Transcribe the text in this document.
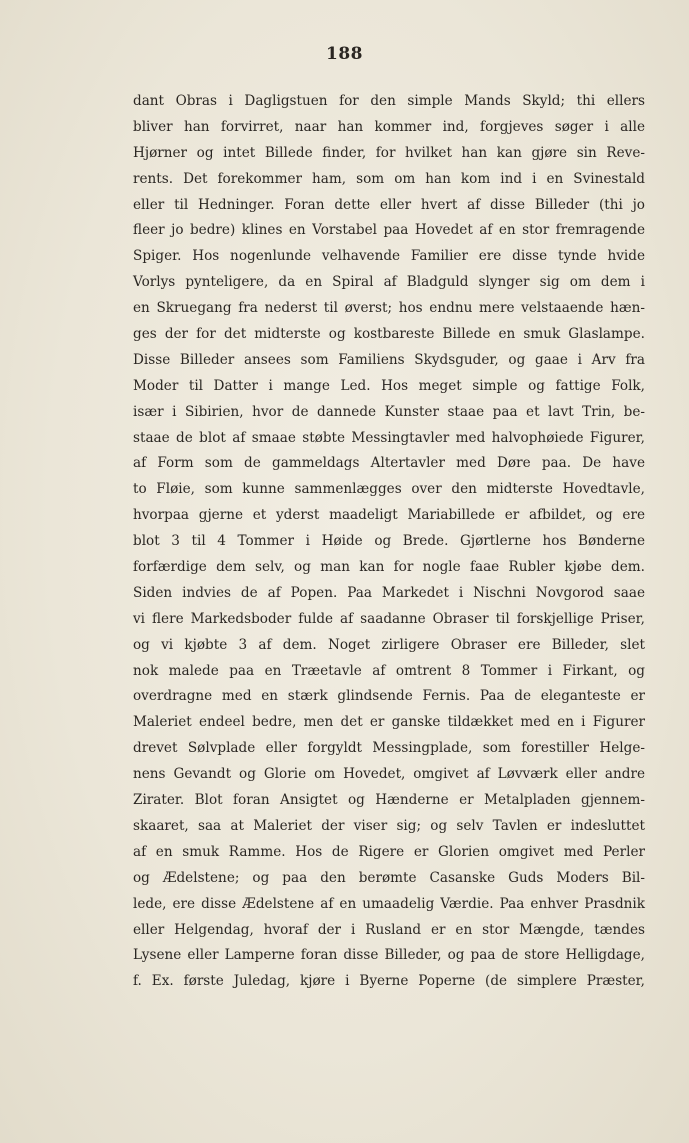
188
dant Obras i Dagligstuen for den simple Mands Skyld; thi ellers
bliver han forvirret, naar han kommer ind, forgjeves søger i alle
Hjørner og intet Billede finder, for hvilket han kan gjøre sin Reve-
rents. Det forekommer ham, som om han kom ind i en Svinestald
eller til Hedninger. Foran dette eller hvert af disse Billeder (thi jo
fleer jo bedre) klines en Vorstabel paa Hovedet af en stor fremragende
Spiger. Hos nogenlunde velhavende Familier ere disse tynde hvide
Vorlys pynteligere, da en Spiral af Bladguld slynger sig om dem i
en Skruegang fra nederst til øverst; hos endnu mere velstaaende hæn-
ges der for det midterste og kostbareste Billede en smuk Glaslampe.
Disse Billeder ansees som Familiens Skydsguder, og gaae i Arv fra
Moder til Datter i mange Led. Hos meget simple og fattige Folk,
især i Sibirien, hvor de dannede Kunster staae paa et lavt Trin, be-
staae de blot af smaae støbte Messingtavler med halvophøiede Figurer,
af Form som de gammeldags Altertavler med Døre paa. De have
to Fløie, som kunne sammenlægges over den midterste Hovedtavle,
hvorpaa gjerne et yderst maadeligt Mariabillede er afbildet, og ere
blot 3 til 4 Tommer i Høide og Brede. Gjørtlerne hos Bønderne
forfærdige dem selv, og man kan for nogle faae Rubler kjøbe dem.
Siden indvies de af Popen. Paa Markedet i Nischni Novgorod saae
vi flere Markedsboder fulde af saadanne Obraser til forskjellige Priser,
og vi kjøbte 3 af dem. Noget zirligere Obraser ere Billeder, slet
nok malede paa en Træetavle af omtrent 8 Tommer i Firkant, og
overdragne med en stærk glindsende Fernis. Paa de eleganteste er
Maleriet endeel bedre, men det er ganske tildækket med en i Figurer
drevet Sølvplade eller forgyldt Messingplade, som forestiller Helge-
nens Gevandt og Glorie om Hovedet, omgivet af Løvværk eller andre
Zirater. Blot foran Ansigtet og Hænderne er Metalpladen gjennem-
skaaret, saa at Maleriet der viser sig; og selv Tavlen er indesluttet
af en smuk Ramme. Hos de Rigere er Glorien omgivet med Perler
og Ædelstene; og paa den berømte Casanske Guds Moders Bil-
lede, ere disse Ædelstene af en umaadelig Værdie. Paa enhver Prasdnik
eller Helgendag, hvoraf der i Rusland er en stor Mængde, tændes
Lysene eller Lamperne foran disse Billeder, og paa de store Helligdage,
f. Ex. første Juledag, kjøre i Byerne Poperne (de simplere Præster,
